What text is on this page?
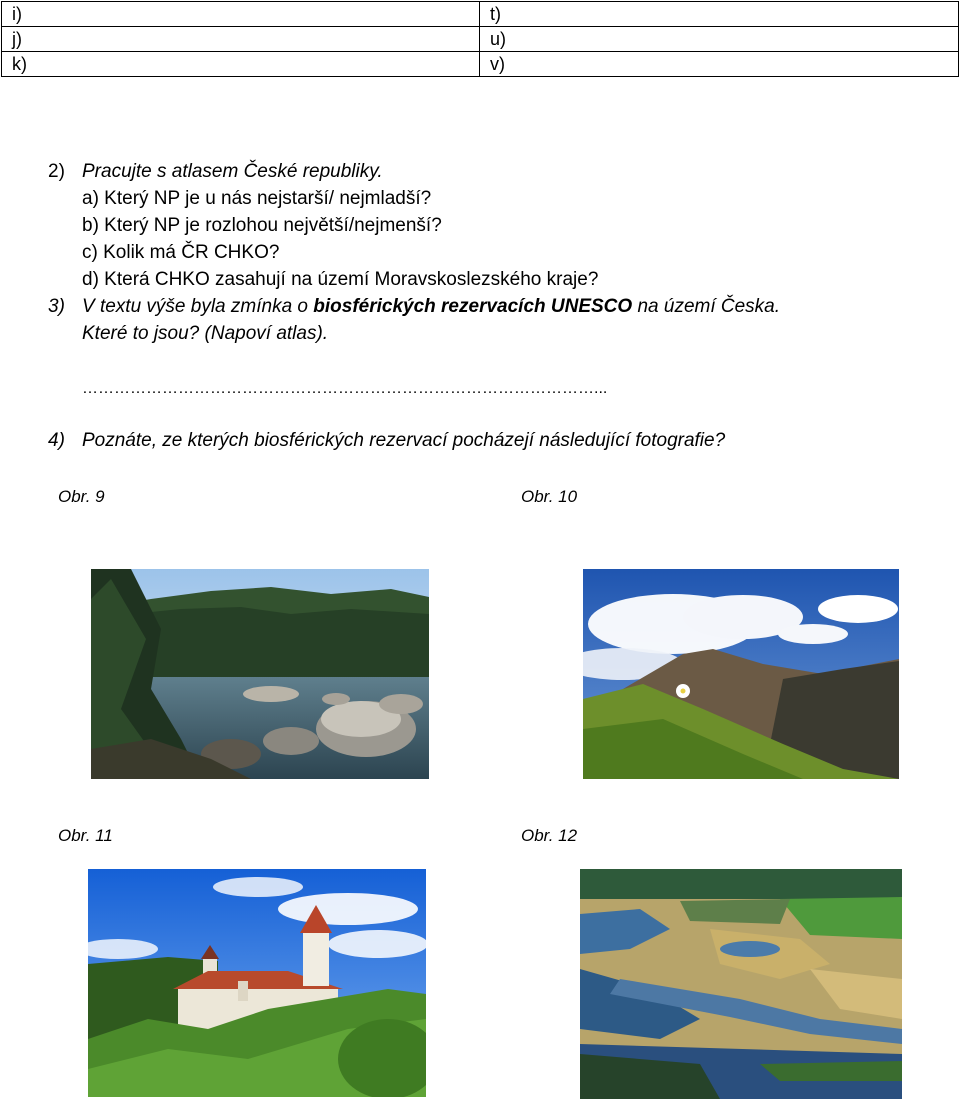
i)	t)
j)	u)
k)	v)
2) Pracujte s atlasem České republiky.
a) Který NP je u nás nejstarší/ nejmladší?
b) Který NP je rozlohou největší/nejmenší?
c) Kolik má ČR CHKO?
d) Která CHKO zasahují na území Moravskoslezského kraje?
3) V textu výše byla zmínka o biosférických rezervacích UNESCO na území Česka.
Které to jsou? (Napoví atlas).
……………………………………………………………………………………...
4) Poznáte, ze kterých biosférických rezervací pocházejí následující fotografie?
Obr. 9	Obr. 10
Obr. 11	Obr. 12
